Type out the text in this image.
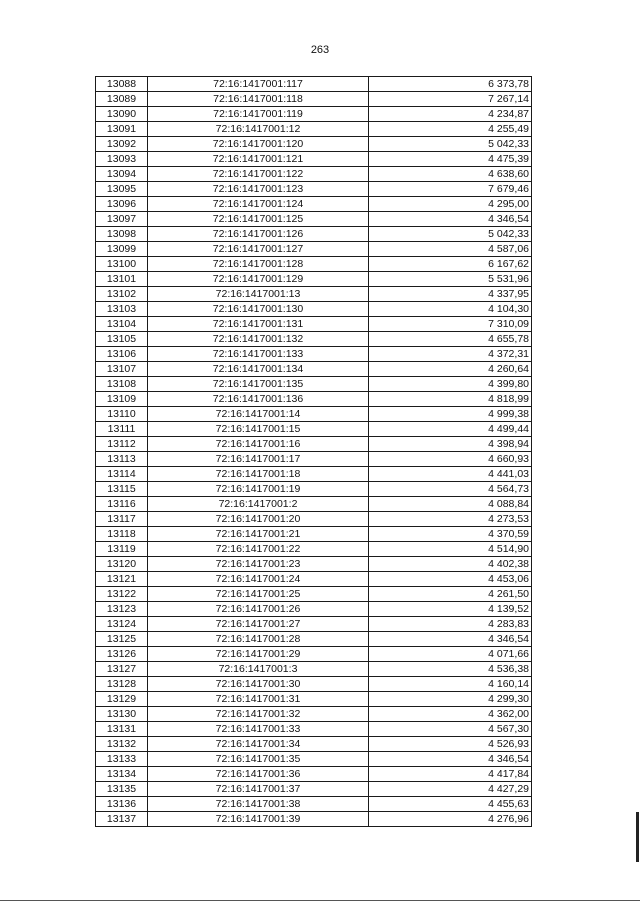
263
13088	72:16:1417001:117	6 373,78
13089	72:16:1417001:118	7 267,14
13090	72:16:1417001:119	4 234,87
13091	72:16:1417001:12	4 255,49
13092	72:16:1417001:120	5 042,33
13093	72:16:1417001:121	4 475,39
13094	72:16:1417001:122	4 638,60
13095	72:16:1417001:123	7 679,46
13096	72:16:1417001:124	4 295,00
13097	72:16:1417001:125	4 346,54
13098	72:16:1417001:126	5 042,33
13099	72:16:1417001:127	4 587,06
13100	72:16:1417001:128	6 167,62
13101	72:16:1417001:129	5 531,96
13102	72:16:1417001:13	4 337,95
13103	72:16:1417001:130	4 104,30
13104	72:16:1417001:131	7 310,09
13105	72:16:1417001:132	4 655,78
13106	72:16:1417001:133	4 372,31
13107	72:16:1417001:134	4 260,64
13108	72:16:1417001:135	4 399,80
13109	72:16:1417001:136	4 818,99
13110	72:16:1417001:14	4 999,38
13111	72:16:1417001:15	4 499,44
13112	72:16:1417001:16	4 398,94
13113	72:16:1417001:17	4 660,93
13114	72:16:1417001:18	4 441,03
13115	72:16:1417001:19	4 564,73
13116	72:16:1417001:2	4 088,84
13117	72:16:1417001:20	4 273,53
13118	72:16:1417001:21	4 370,59
13119	72:16:1417001:22	4 514,90
13120	72:16:1417001:23	4 402,38
13121	72:16:1417001:24	4 453,06
13122	72:16:1417001:25	4 261,50
13123	72:16:1417001:26	4 139,52
13124	72:16:1417001:27	4 283,83
13125	72:16:1417001:28	4 346,54
13126	72:16:1417001:29	4 071,66
13127	72:16:1417001:3	4 536,38
13128	72:16:1417001:30	4 160,14
13129	72:16:1417001:31	4 299,30
13130	72:16:1417001:32	4 362,00
13131	72:16:1417001:33	4 567,30
13132	72:16:1417001:34	4 526,93
13133	72:16:1417001:35	4 346,54
13134	72:16:1417001:36	4 417,84
13135	72:16:1417001:37	4 427,29
13136	72:16:1417001:38	4 455,63
13137	72:16:1417001:39	4 276,96
